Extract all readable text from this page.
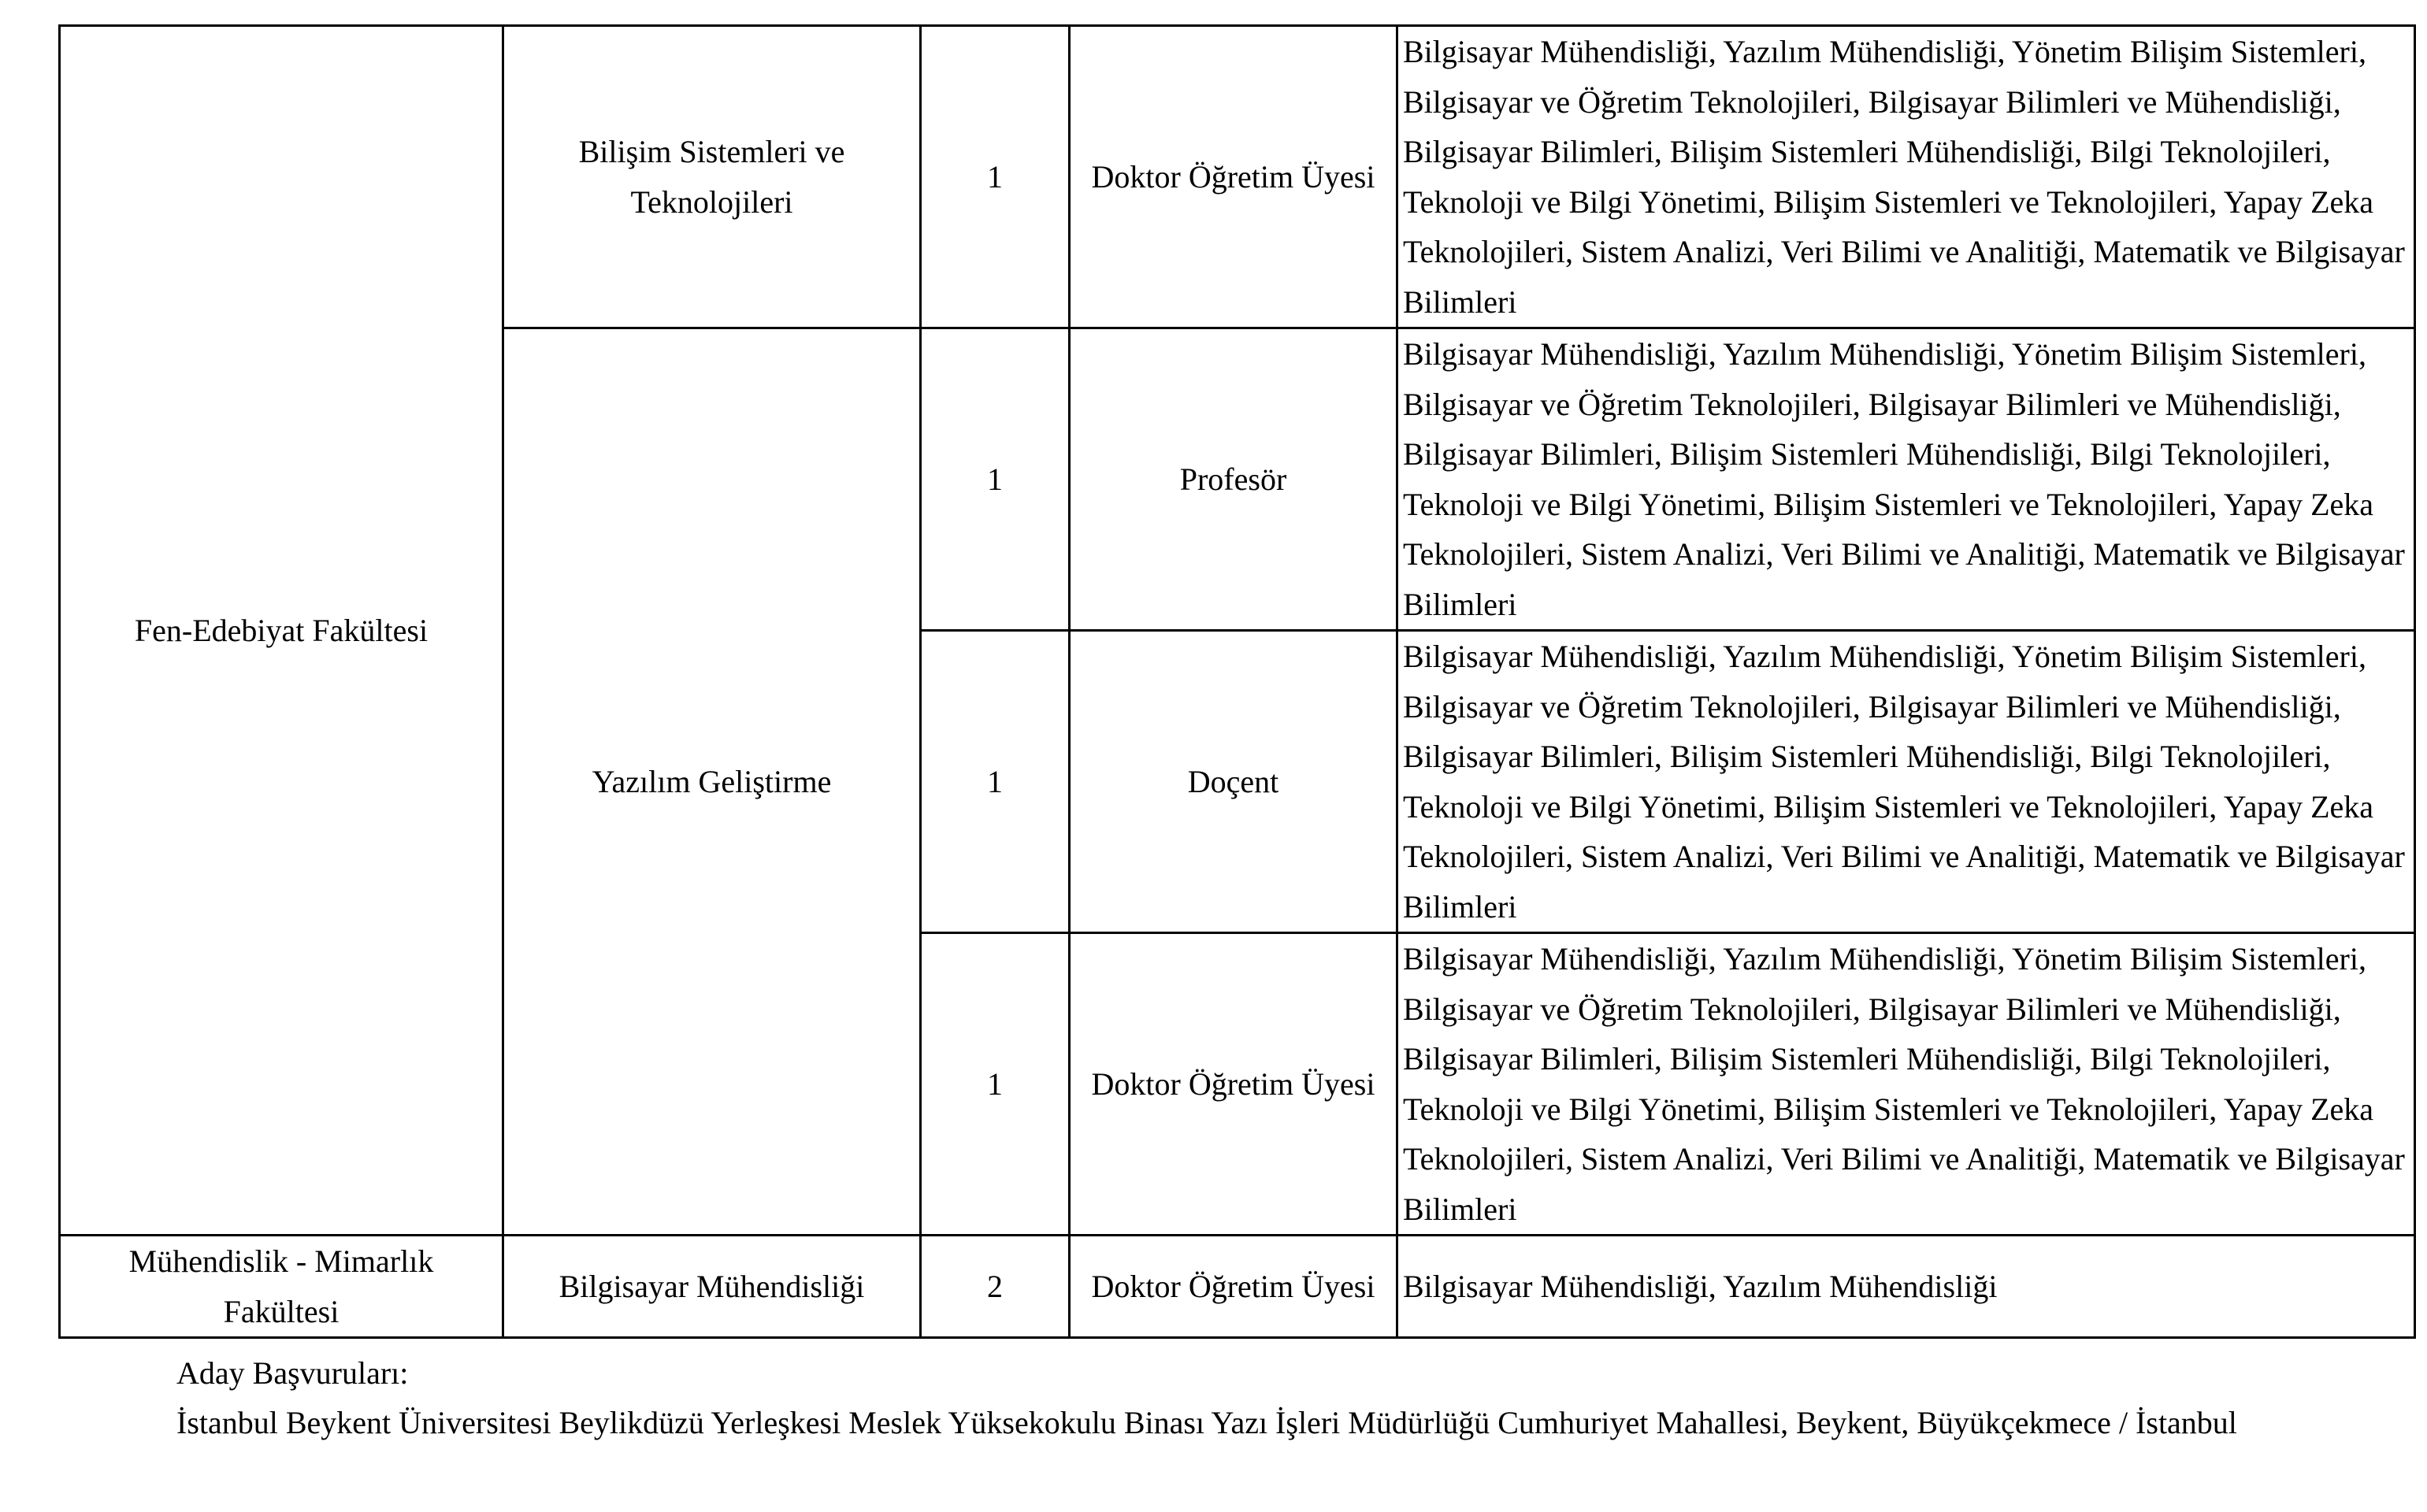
Fen-Edebiyat Fakültesi	Bilişim Sistemleri ve Teknolojileri	1	Doktor Öğretim Üyesi	Bilgisayar Mühendisliği, Yazılım Mühendisliği, Yönetim Bilişim Sistemleri, Bilgisayar ve Öğretim Teknolojileri, Bilgisayar Bilimleri ve Mühendisliği, Bilgisayar Bilimleri, Bilişim Sistemleri Mühendisliği, Bilgi Teknolojileri, Teknoloji ve Bilgi Yönetimi, Bilişim Sistemleri ve Teknolojileri, Yapay Zeka Teknolojileri, Sistem Analizi, Veri Bilimi ve Analitiği, Matematik ve Bilgisayar Bilimleri
	Yazılım Geliştirme	1	Profesör	Bilgisayar Mühendisliği, Yazılım Mühendisliği, Yönetim Bilişim Sistemleri, Bilgisayar ve Öğretim Teknolojileri, Bilgisayar Bilimleri ve Mühendisliği, Bilgisayar Bilimleri, Bilişim Sistemleri Mühendisliği, Bilgi Teknolojileri, Teknoloji ve Bilgi Yönetimi, Bilişim Sistemleri ve Teknolojileri, Yapay Zeka Teknolojileri, Sistem Analizi, Veri Bilimi ve Analitiği, Matematik ve Bilgisayar Bilimleri
		1	Doçent	Bilgisayar Mühendisliği, Yazılım Mühendisliği, Yönetim Bilişim Sistemleri, Bilgisayar ve Öğretim Teknolojileri, Bilgisayar Bilimleri ve Mühendisliği, Bilgisayar Bilimleri, Bilişim Sistemleri Mühendisliği, Bilgi Teknolojileri, Teknoloji ve Bilgi Yönetimi, Bilişim Sistemleri ve Teknolojileri, Yapay Zeka Teknolojileri, Sistem Analizi, Veri Bilimi ve Analitiği, Matematik ve Bilgisayar Bilimleri
		1	Doktor Öğretim Üyesi	Bilgisayar Mühendisliği, Yazılım Mühendisliği, Yönetim Bilişim Sistemleri, Bilgisayar ve Öğretim Teknolojileri, Bilgisayar Bilimleri ve Mühendisliği, Bilgisayar Bilimleri, Bilişim Sistemleri Mühendisliği, Bilgi Teknolojileri, Teknoloji ve Bilgi Yönetimi, Bilişim Sistemleri ve Teknolojileri, Yapay Zeka Teknolojileri, Sistem Analizi, Veri Bilimi ve Analitiği, Matematik ve Bilgisayar Bilimleri
Mühendislik - Mimarlık Fakültesi	Bilgisayar Mühendisliği	2	Doktor Öğretim Üyesi	Bilgisayar Mühendisliği, Yazılım Mühendisliği
Aday Başvuruları:
İstanbul Beykent Üniversitesi Beylikdüzü Yerleşkesi Meslek Yüksekokulu Binası Yazı İşleri Müdürlüğü Cumhuriyet Mahallesi, Beykent, Büyükçekmece / İstanbul
